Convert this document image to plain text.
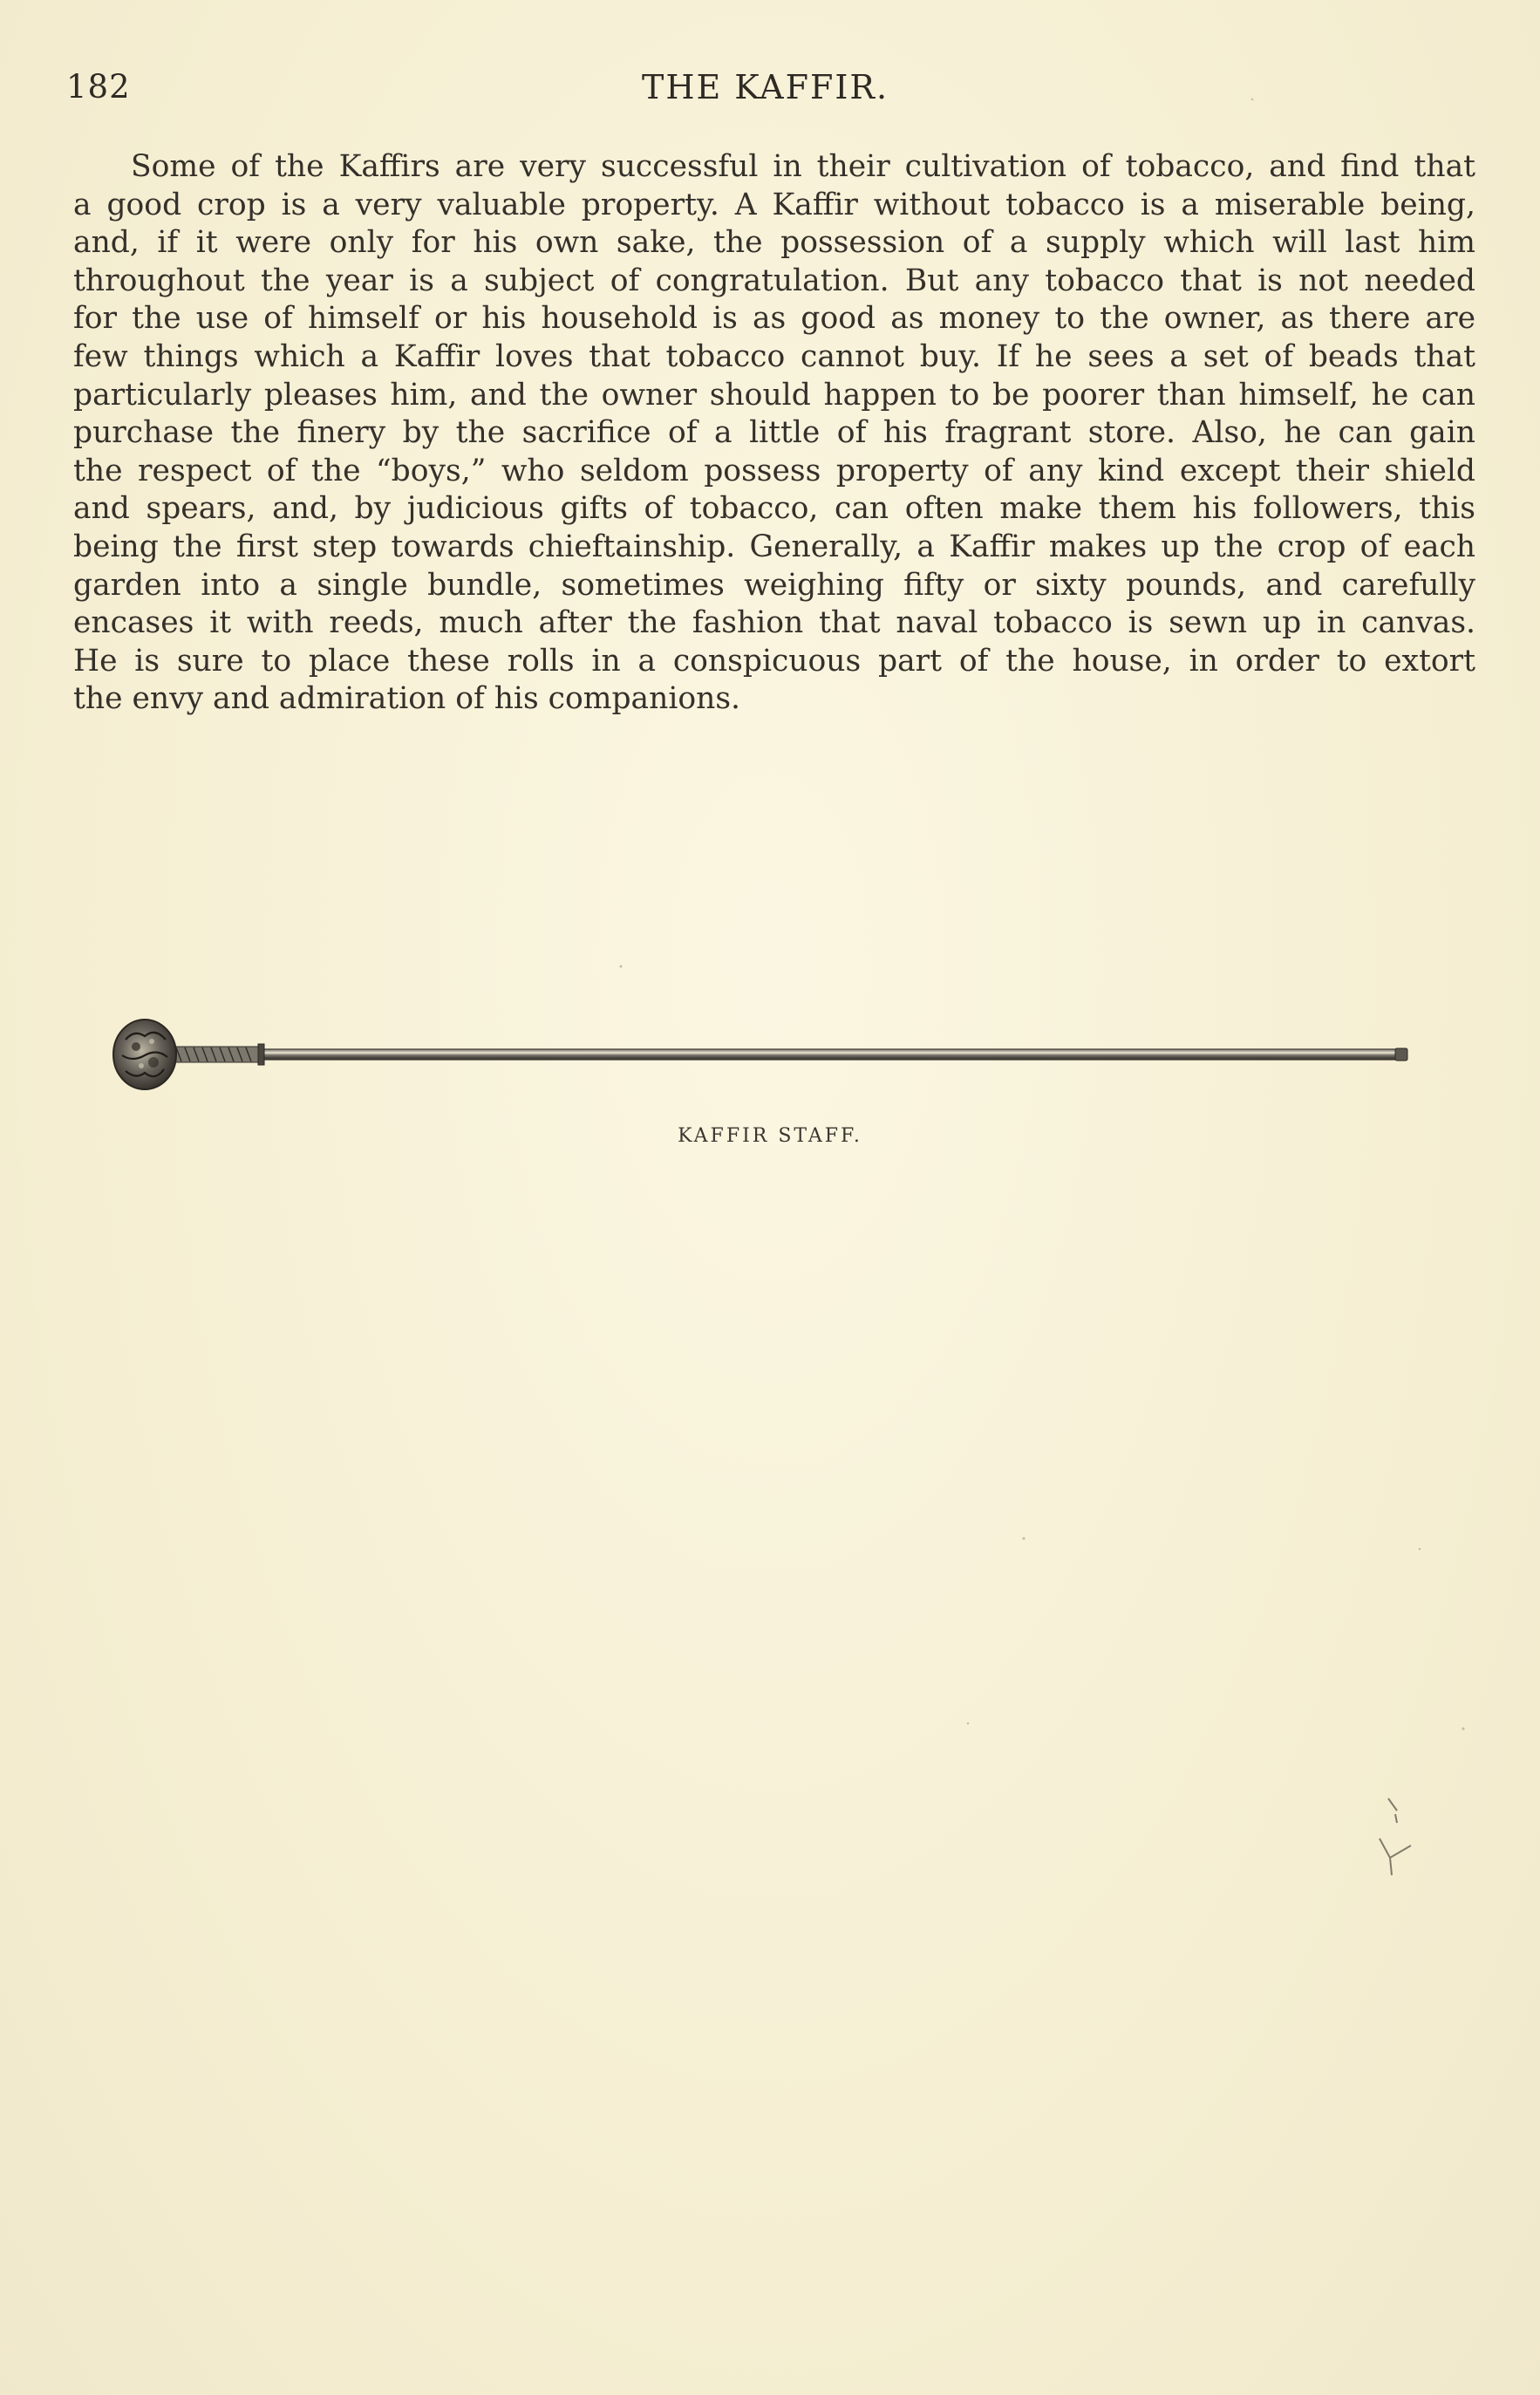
182	THE KAFFIR.
Some of the Kaffirs are very successful in their cultivation of tobacco, and find that
a good crop is a very valuable property. A Kaffir without tobacco is a miserable being,
and, if it were only for his own sake, the possession of a supply which will last him
throughout the year is a subject of congratulation. But any tobacco that is not needed
for the use of himself or his household is as good as money to the owner, as there are
few things which a Kaffir loves that tobacco cannot buy. If he sees a set of beads that
particularly pleases him, and the owner should happen to be poorer than himself, he can
purchase the finery by the sacrifice of a little of his fragrant store. Also, he can gain
the respect of the “boys,” who seldom possess property of any kind except their shield
and spears, and, by judicious gifts of tobacco, can often make them his followers, this
being the first step towards chieftainship. Generally, a Kaffir makes up the crop of each
garden into a single bundle, sometimes weighing fifty or sixty pounds, and carefully
encases it with reeds, much after the fashion that naval tobacco is sewn up in canvas.
He is sure to place these rolls in a conspicuous part of the house, in order to extort
the envy and admiration of his companions.
KAFFIR STAFF.
